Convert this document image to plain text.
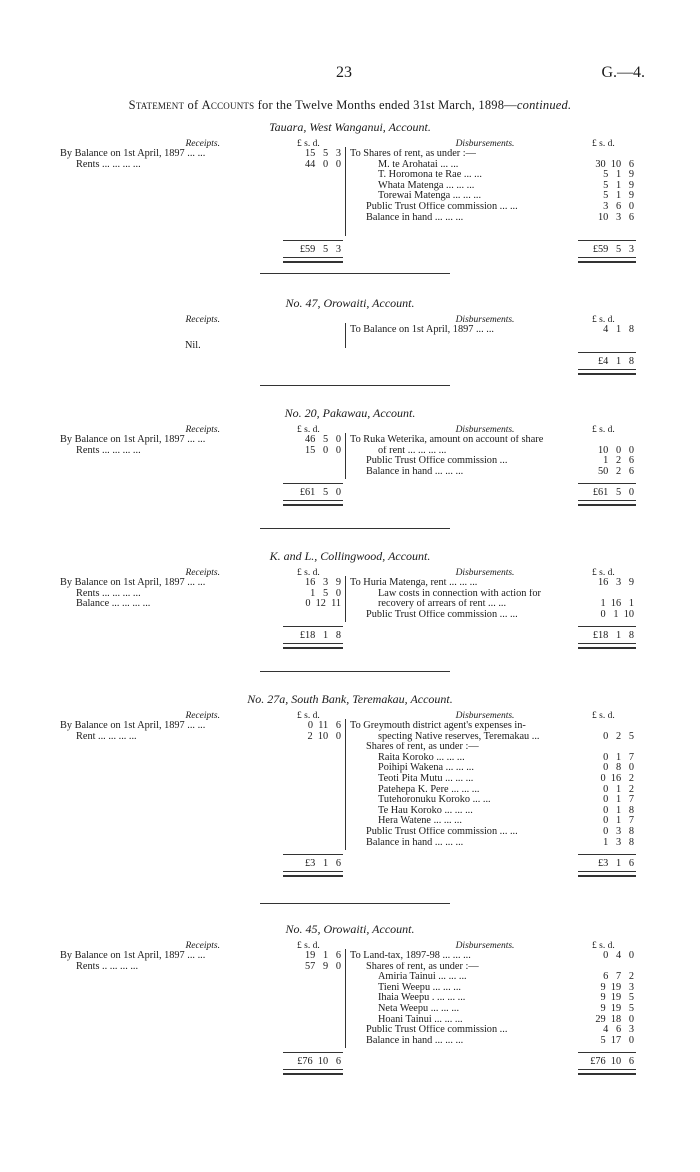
23	G.—4.
Statement of Accounts for the Twelve Months ended 31st March, 1898—continued.
Tauara, West Wanganui, Account.
Receipts.	Disbursements.
£ s. d.	£ s. d.
By Balance on 1st April, 1897 ... ...	15   5   3
Rents ... ... ... ...	44   0   0
To Shares of rent, as under :—
M. te Arohatai ... ...	30  10   6
T. Horomona te Rae ... ...	5   1   9
Whata Matenga ... ... ...	5   1   9
Torewai Matenga ... ... ...	5   1   9
Public Trust Office commission ... ...	3   6   0
Balance in hand ... ... ...	10   3   6
£59   5   3	£59   5   3
No. 47, Orowaiti, Account.
Receipts.	Disbursements.	£ s. d.
Nil.
To Balance on 1st April, 1897 ... ...	4   1   8
£4   1   8
No. 20, Pakawau, Account.
Receipts.	Disbursements.
£ s. d.	£ s. d.
By Balance on 1st April, 1897 ... ...	46   5   0
Rents ... ... ... ...	15   0   0
To Ruka Weterika, amount on account of share
of rent ... ... ... ...	10   0   0
Public Trust Office commission ...	1   2   6
Balance in hand ... ... ...	50   2   6
£61   5   0	£61   5   0
K. and L., Collingwood, Account.
Receipts.	Disbursements.
£ s. d.	£ s. d.
By Balance on 1st April, 1897 ... ...	16   3   9
Rents ... ... ... ...	1   5   0
Balance ... ... ... ...	0  12  11
To Huria Matenga, rent ... ... ...	16   3   9
Law costs in connection with action for
recovery of arrears of rent ... ...	1  16   1
Public Trust Office commission ... ...	0   1  10
£18   1   8	£18   1   8
No. 27a, South Bank, Teremakau, Account.
Receipts.	Disbursements.
£ s. d.	£ s. d.
By Balance on 1st April, 1897 ... ...	0  11   6
Rent ... ... ... ...	2  10   0
To Greymouth district agent's expenses in-
specting Native reserves, Teremakau ...	0   2   5
Shares of rent, as under :—
Raita Koroko ... ... ...	0   1   7
Poihipi Wakena ... ... ...	0   8   0
Teoti Pita Mutu ... ... ...	0  16   2
Patehepa K. Pere ... ... ...	0   1   2
Tutehoronuku Koroko ... ...	0   1   7
Te Hau Koroko ... ... ...	0   1   8
Hera Watene ... ... ...	0   1   7
Public Trust Office commission ... ...	0   3   8
Balance in hand ... ... ...	1   3   8
£3   1   6	£3   1   6
No. 45, Orowaiti, Account.
Receipts.	Disbursements.
£ s. d.	£ s. d.
By Balance on 1st April, 1897 ... ...	19   1   6
Rents .. ... ... ...	57   9   0
To Land-tax, 1897-98 ... ... ...	0   4   0
Shares of rent, as under :—
Amiria Tainui ... ... ...	6   7   2
Tieni Weepu ... ... ...	9  19   3
Ihaia Weepu . ... ... ...	9  19   5
Neta Weepu ... ... ...	9  19   5
Hoani Tainui ... ... ...	29  18   0
Public Trust Office commission ...	4   6   3
Balance in hand ... ... ...	5  17   0
£76  10   6	£76  10   6
